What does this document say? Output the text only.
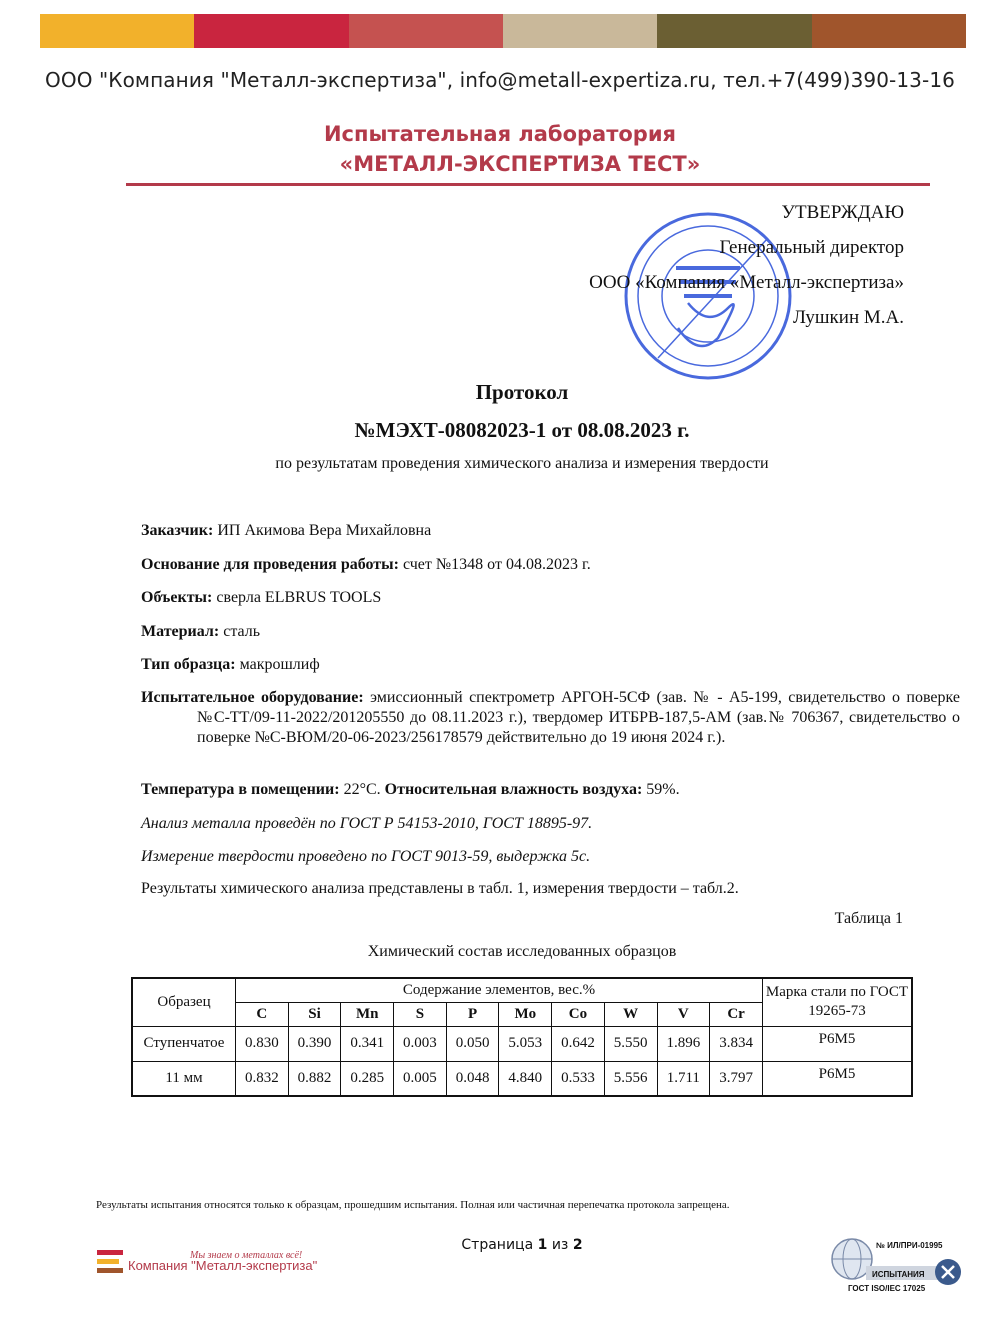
ООО "Компания "Металл-экспертиза", info@metall-expertiza.ru, тел.+7(499)390-13-16
Испытательная лаборатория
«МЕТАЛЛ-ЭКСПЕРТИЗА ТЕСТ»
УТВЕРЖДАЮ
Генеральный директор
ООО «Компания «Металл-экспертиза»
Лушкин М.А.
Протокол
№МЭХТ-08082023-1 от 08.08.2023 г.
по результатам проведения химического анализа и измерения твердости
Заказчик: ИП Акимова Вера Михайловна
Основание для проведения работы: счет №1348 от 04.08.2023 г.
Объекты: сверла ELBRUS TOOLS
Материал: сталь
Тип образца: макрошлиф
Испытательное оборудование: эмиссионный спектрометр АРГОН-5СФ (зав. № - А5-199, свидетельство о поверке №С-ТТ/09-11-2022/201205550 до 08.11.2023 г.), твердомер ИТБРВ-187,5-АМ (зав.№ 706367, свидетельство о поверке №С-ВЮМ/20-06-2023/256178579 действительно до 19 июня 2024 г.).
Температура в помещении: 22°С. Относительная влажность воздуха: 59%.
Анализ металла проведён по ГОСТ Р 54153-2010, ГОСТ 18895-97.
Измерение твердости проведено по ГОСТ 9013-59, выдержка 5с.
Результаты химического анализа представлены в табл. 1, измерения твердости – табл.2.
Таблица 1
Химический состав исследованных образцов
Образец	Содержание элементов, вес.%										Марка стали по ГОСТ 19265-73
	C	Si	Mn	S	P	Mo	Co	W	V	Cr	
Ступенчатое	0.830	0.390	0.341	0.003	0.050	5.053	0.642	5.550	1.896	3.834	Р6М5
11 мм	0.832	0.882	0.285	0.005	0.048	4.840	0.533	5.556	1.711	3.797	Р6М5
Результаты испытания относятся только к образцам, прошедшим испытания. Полная или частичная перепечатка протокола запрещена.
Страница 1 из 2
Мы знаем о металлах всё!
Компания "Металл-экспертиза"
№ ИЛ/ПРИ-01995
ИСПЫТАНИЯ
ГОСТ ISO/IEC 17025
